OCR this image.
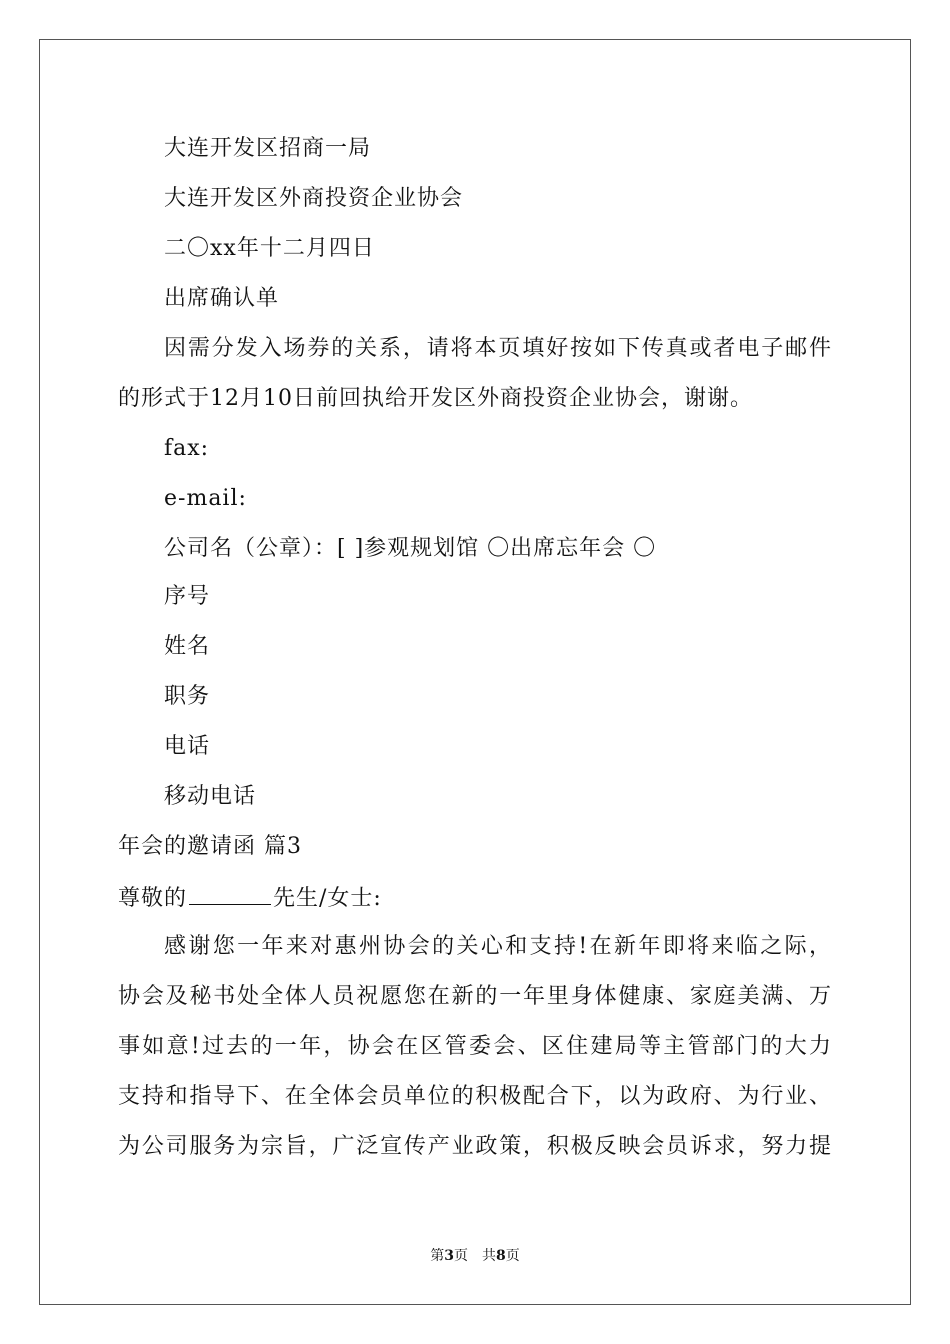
大连开发区招商一局
大连开发区外商投资企业协会
二〇xx年十二月四日
出席确认单
因需分发入场券的关系，请将本页填好按如下传真或者电子邮件
的形式于12月10日前回执给开发区外商投资企业协会，谢谢。
fax:
e-mail:
公司名（公章）：[ ]参观规划馆 〇出席忘年会 〇
序号
姓名
职务
电话
移动电话
年会的邀请函 篇3
尊敬的	先生/女士:
感谢您一年来对惠州协会的关心和支持!在新年即将来临之际，
协会及秘书处全体人员祝愿您在新的一年里身体健康、家庭美满、万
事如意!过去的一年，协会在区管委会、区住建局等主管部门的大力
支持和指导下、在全体会员单位的积极配合下，以为政府、为行业、
为公司服务为宗旨，广泛宣传产业政策，积极反映会员诉求，努力提
第3页　共8页
